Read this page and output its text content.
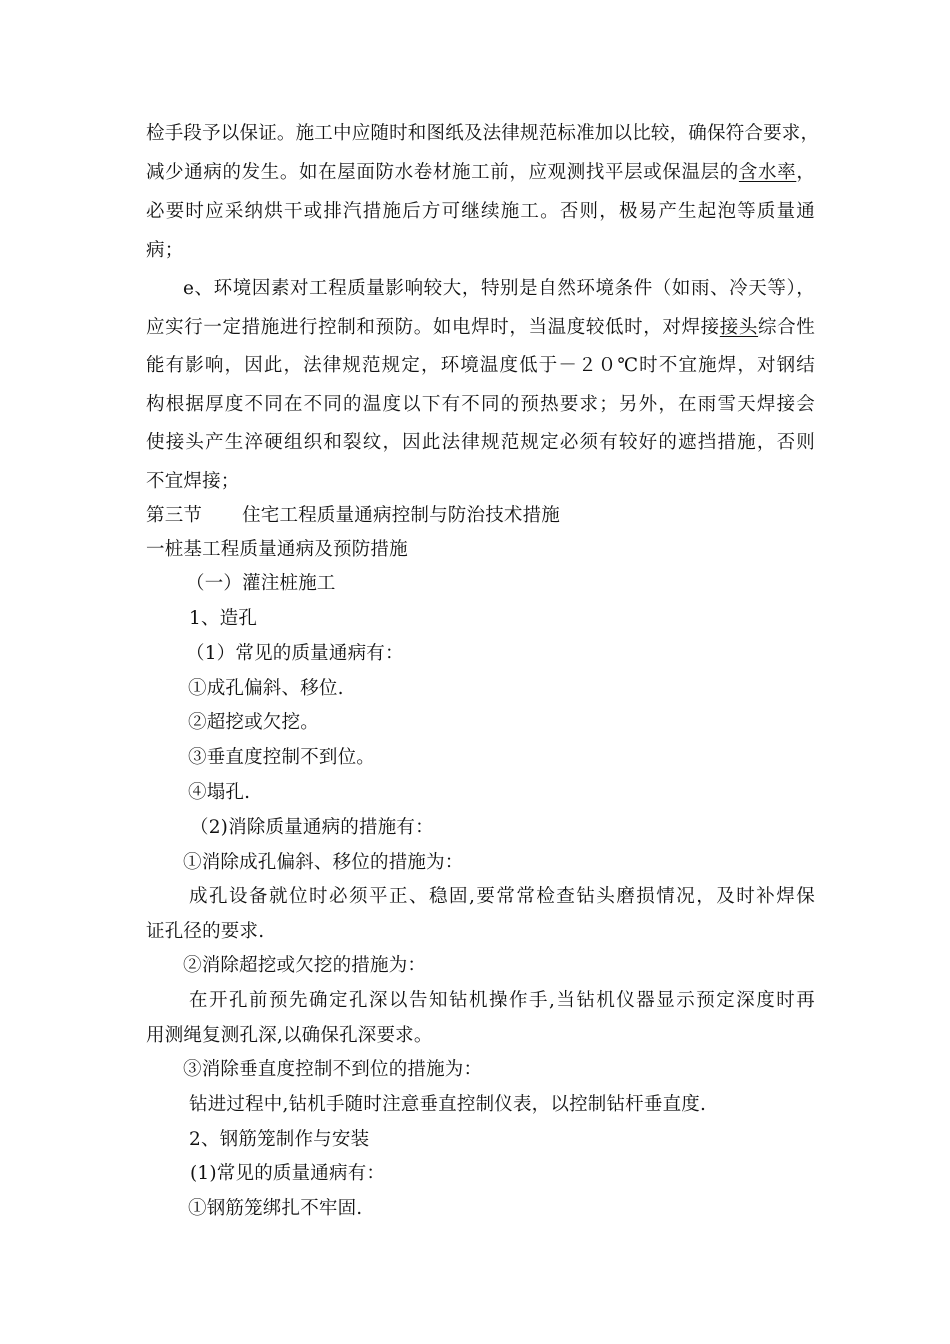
检手段予以保证。施工中应随时和图纸及法律规范标准加以比较，确保符合要求，

减少通病的发生。如在屋面防水卷材施工前，应观测找平层或保温层的含水率，

必要时应采纳烘干或排汽措施后方可继续施工。否则，极易产生起泡等质量通

病；

e、环境因素对工程质量影响较大，特别是自然环境条件（如雨、冷天等），

应实行一定措施进行控制和预防。如电焊时，当温度较低时，对焊接接头综合性

能有影响，因此，法律规范规定，环境温度低于－２０℃时不宜施焊，对钢结

构根据厚度不同在不同的温度以下有不同的预热要求；另外，在雨雪天焊接会

使接头产生淬硬组织和裂纹，因此法律规范规定必须有较好的遮挡措施，否则

不宜焊接；

第三节 住宅工程质量通病控制与防治技术措施

一桩基工程质量通病及预防措施

（一）灌注桩施工

1、造孔

（1）常见的质量通病有：

①成孔偏斜、移位.

②超挖或欠挖。

③垂直度控制不到位。

④塌孔.

（2)消除质量通病的措施有：

①消除成孔偏斜、移位的措施为：

成孔设备就位时必须平正、稳固,要常常检查钻头磨损情况，及时补焊保

证孔径的要求.

②消除超挖或欠挖的措施为：

在开孔前预先确定孔深以告知钻机操作手,当钻机仪器显示预定深度时再

用测绳复测孔深,以确保孔深要求。

③消除垂直度控制不到位的措施为：

钻进过程中,钻机手随时注意垂直控制仪表，以控制钻杆垂直度.

2、钢筋笼制作与安装

(1)常见的质量通病有：

①钢筋笼绑扎不牢固.
